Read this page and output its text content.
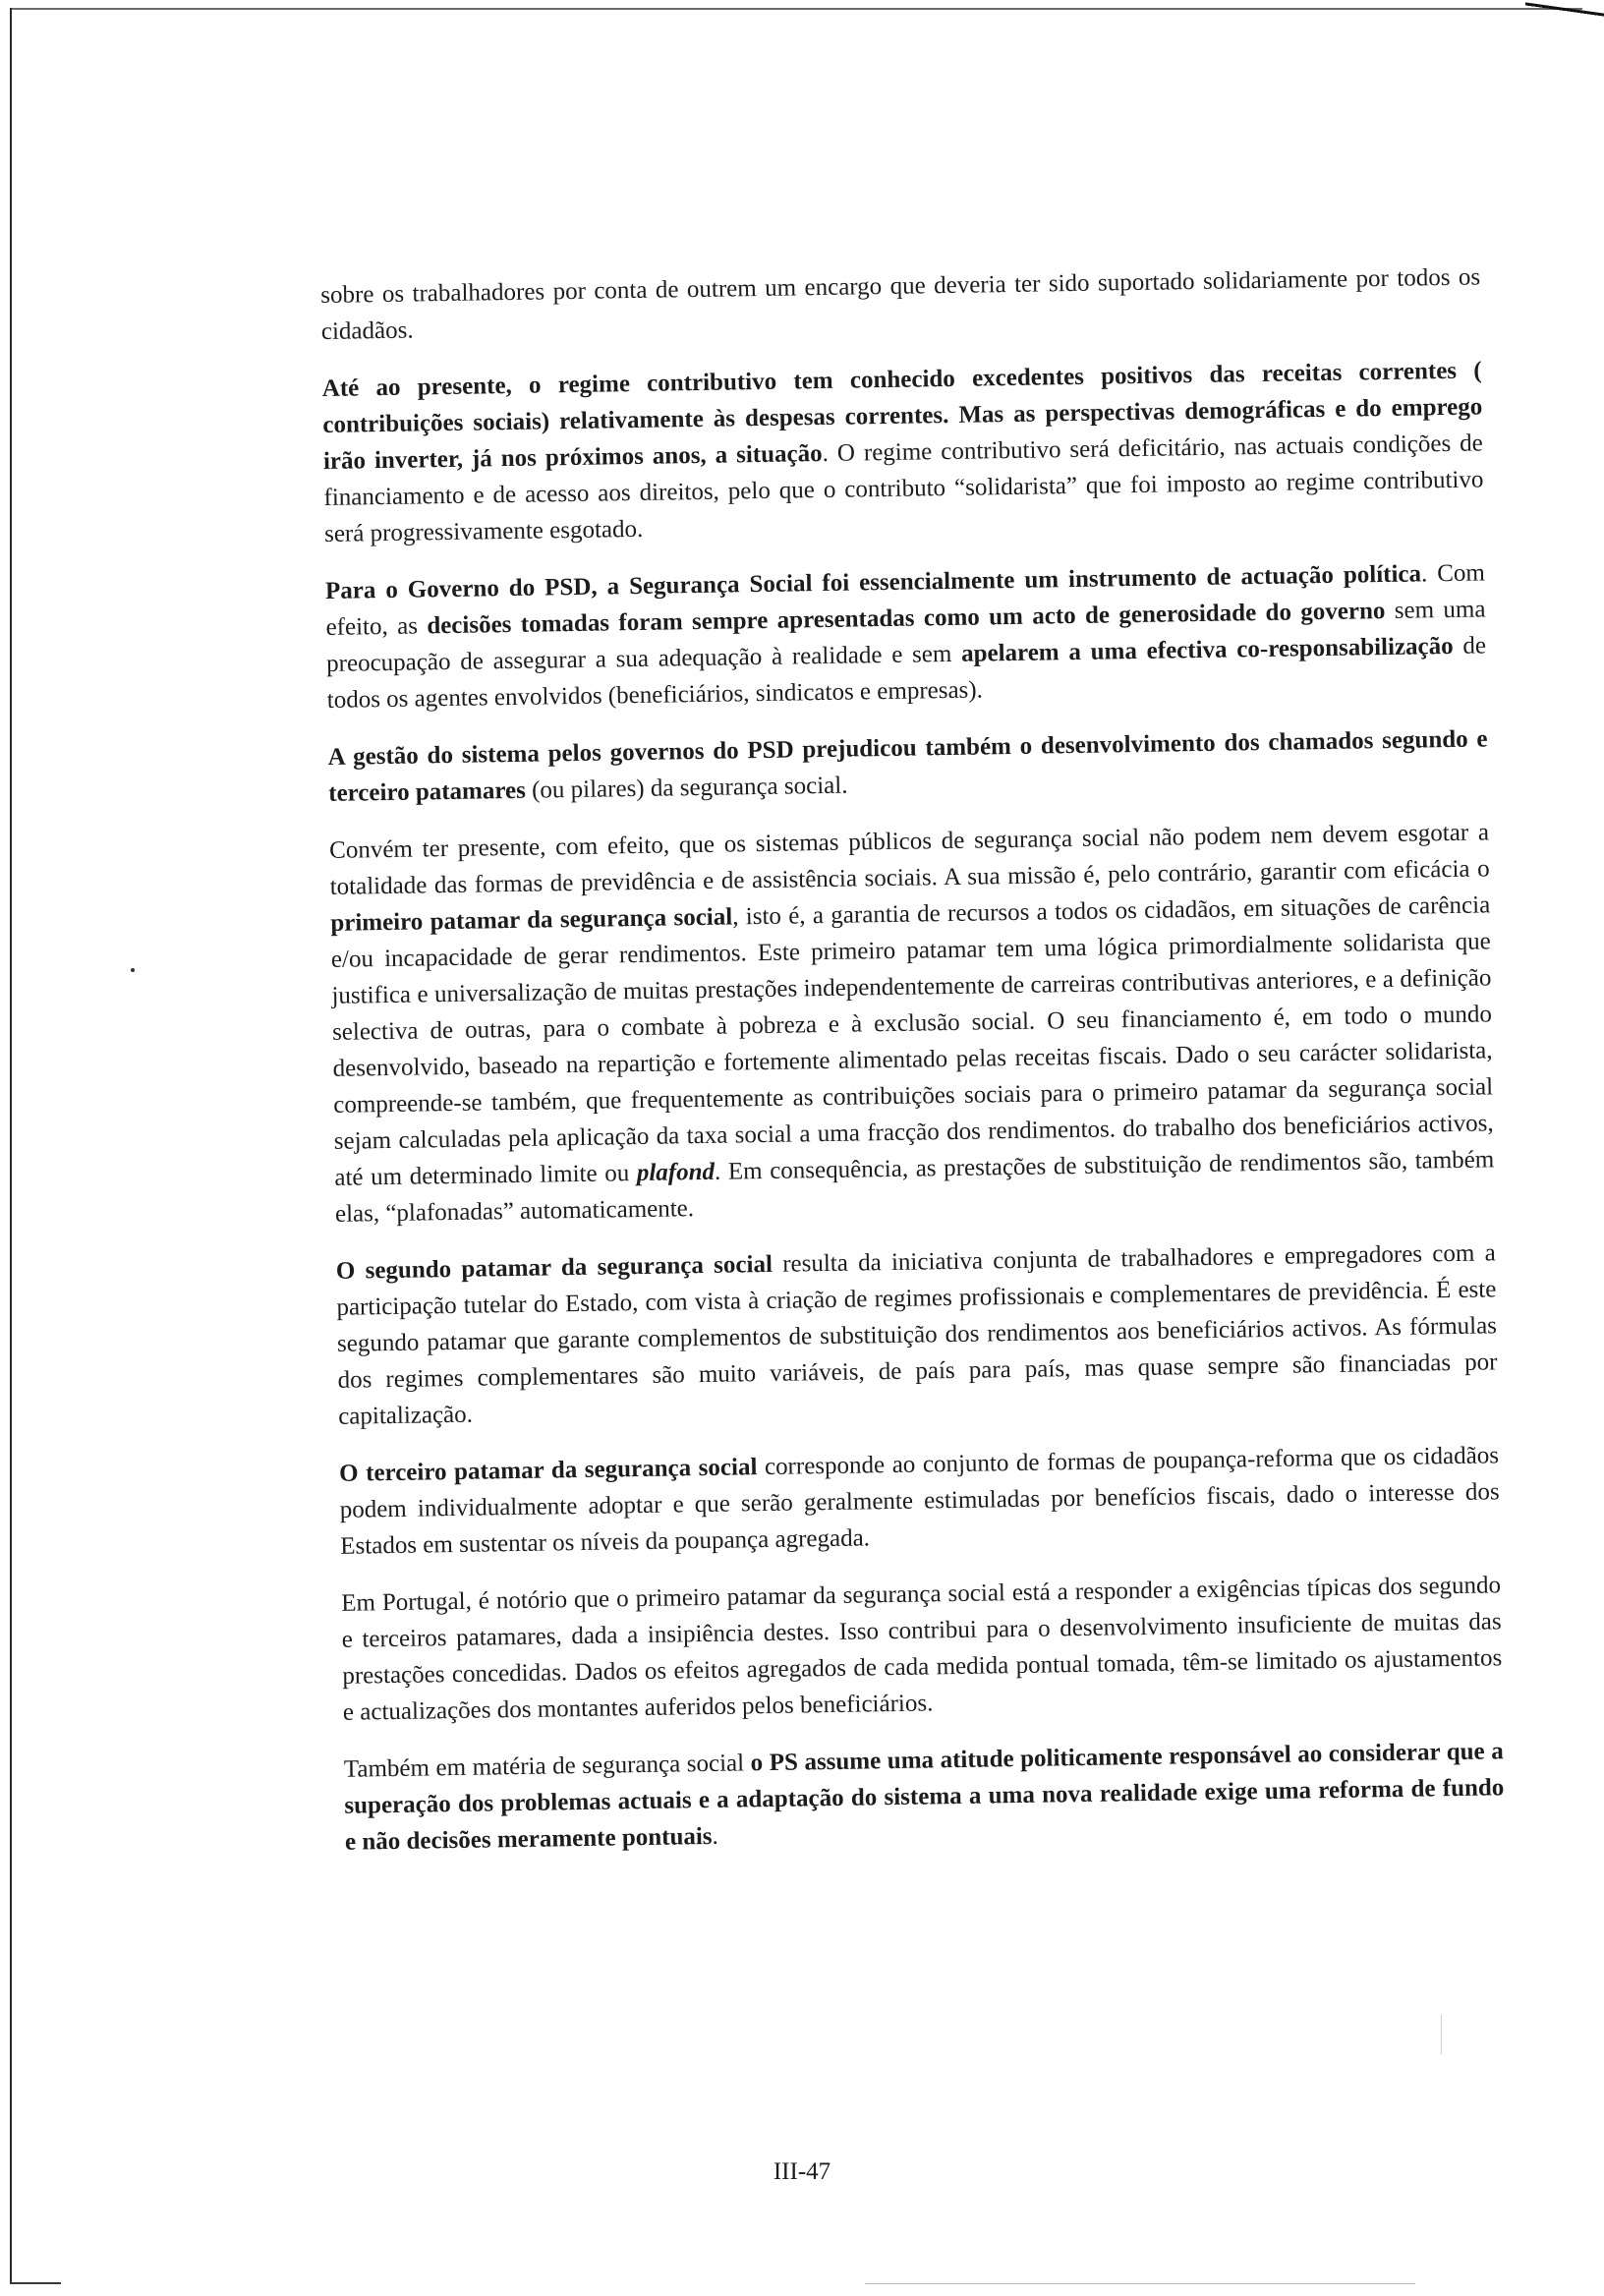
sobre os trabalhadores por conta de outrem um encargo que deveria ter sido suportado solidariamente por todos os cidadãos.

Até ao presente, o regime contributivo tem conhecido excedentes positivos das receitas correntes ( contribuições sociais) relativamente às despesas correntes. Mas as perspectivas demográficas e do emprego irão inverter, já nos próximos anos, a situação. O regime contributivo será deficitário, nas actuais condições de financiamento e de acesso aos direitos, pelo que o contributo “solidarista” que foi imposto ao regime contributivo será progressivamente esgotado.

Para o Governo do PSD, a Segurança Social foi essencialmente um instrumento de actuação política. Com efeito, as decisões tomadas foram sempre apresentadas como um acto de generosidade do governo sem uma preocupação de assegurar a sua adequação à realidade e sem apelarem a uma efectiva co-responsabilização de todos os agentes envolvidos (beneficiários, sindicatos e empresas).

A gestão do sistema pelos governos do PSD prejudicou também o desenvolvimento dos chamados segundo e terceiro patamares (ou pilares) da segurança social.

Convém ter presente, com efeito, que os sistemas públicos de segurança social não podem nem devem esgotar a totalidade das formas de previdência e de assistência sociais. A sua missão é, pelo contrário, garantir com eficácia o primeiro patamar da segurança social, isto é, a garantia de recursos a todos os cidadãos, em situações de carência e/ou incapacidade de gerar rendimentos. Este primeiro patamar tem uma lógica primordialmente solidarista que justifica e universalização de muitas prestações independentemente de carreiras contributivas anteriores, e a definição selectiva de outras, para o combate à pobreza e à exclusão social. O seu financiamento é, em todo o mundo desenvolvido, baseado na repartição e fortemente alimentado pelas receitas fiscais. Dado o seu carácter solidarista, compreende-se também, que frequentemente as contribuições sociais para o primeiro patamar da segurança social sejam calculadas pela aplicação da taxa social a uma fracção dos rendimentos. do trabalho dos beneficiários activos, até um determinado limite ou plafond. Em consequência, as prestações de substituição de rendimentos são, também elas, “plafonadas” automaticamente.

O segundo patamar da segurança social resulta da iniciativa conjunta de trabalhadores e empregadores com a participação tutelar do Estado, com vista à criação de regimes profissionais e complementares de previdência. É este segundo patamar que garante complementos de substituição dos rendimentos aos beneficiários activos. As fórmulas dos regimes complementares são muito variáveis, de país para país, mas quase sempre são financiadas por capitalização.

O terceiro patamar da segurança social corresponde ao conjunto de formas de poupança-reforma que os cidadãos podem individualmente adoptar e que serão geralmente estimuladas por benefícios fiscais, dado o interesse dos Estados em sustentar os níveis da poupança agregada.

Em Portugal, é notório que o primeiro patamar da segurança social está a responder a exigências típicas dos segundo e terceiros patamares, dada a insipiência destes. Isso contribui para o desenvolvimento insuficiente de muitas das prestações concedidas. Dados os efeitos agregados de cada medida pontual tomada, têm-se limitado os ajustamentos e actualizações dos montantes auferidos pelos beneficiários.

Também em matéria de segurança social o PS assume uma atitude politicamente responsável ao considerar que a superação dos problemas actuais e a adaptação do sistema a uma nova realidade exige uma reforma de fundo e não decisões meramente pontuais.

III-47
